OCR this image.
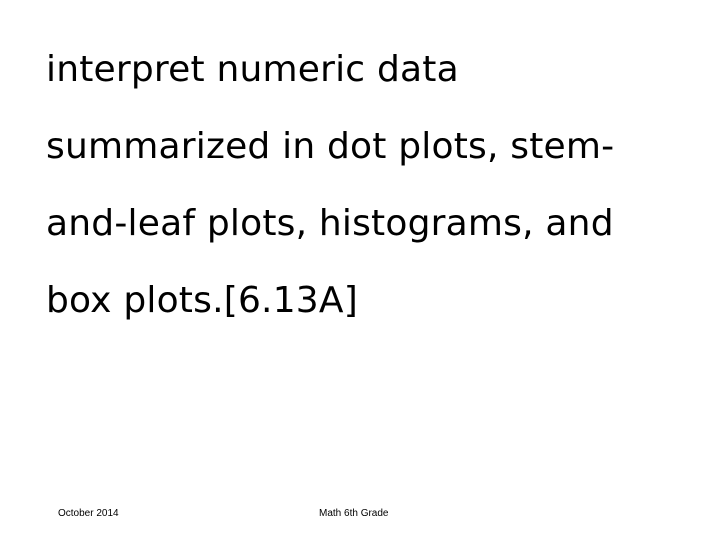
interpret numeric data
summarized in dot plots, stem-
and-leaf plots, histograms, and
box plots.[6.13A]
October 2014	Math 6th Grade
